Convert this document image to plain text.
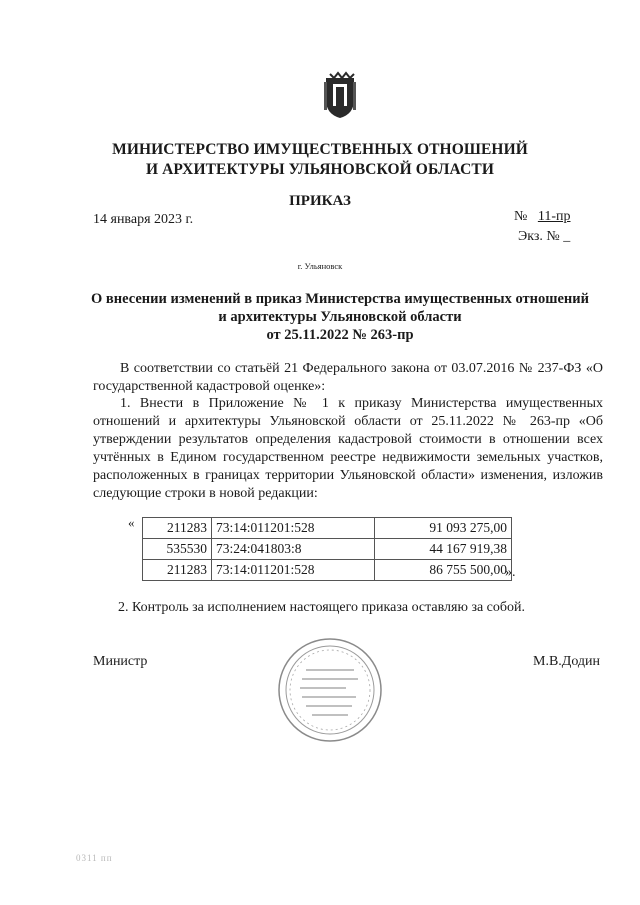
МИНИСТЕРСТВО ИМУЩЕСТВЕННЫХ ОТНОШЕНИЙ
И АРХИТЕКТУРЫ УЛЬЯНОВСКОЙ ОБЛАСТИ
ПРИКАЗ
14 января 2023 г.	№ 11-пр
Экз. № _
г. Ульяновск
О внесении изменений в приказ Министерства имущественных отношений
и архитектуры Ульяновской области
от 25.11.2022 № 263-пр
В соответствии со статьёй 21 Федерального закона от 03.07.2016 № 237-ФЗ «О государственной кадастровой оценке»:
1. Внести в Приложение № 1 к приказу Министерства имущественных отношений и архитектуры Ульяновской области от 25.11.2022 № 263-пр «Об утверждении результатов определения кадастровой стоимости в отношении всех учтённых в Едином государственном реестре недвижимости земельных участков, расположенных в границах территории Ульяновской области» изменения, изложив следующие строки в новой редакции:
« 211283	73:14:011201:528	91 093 275,00
535530	73:24:041803:8	44 167 919,38
211283	73:14:011201:528	86 755 500,00
».
2. Контроль за исполнением настоящего приказа оставляю за собой.
Министр	М.В.Додин
0311 пп
